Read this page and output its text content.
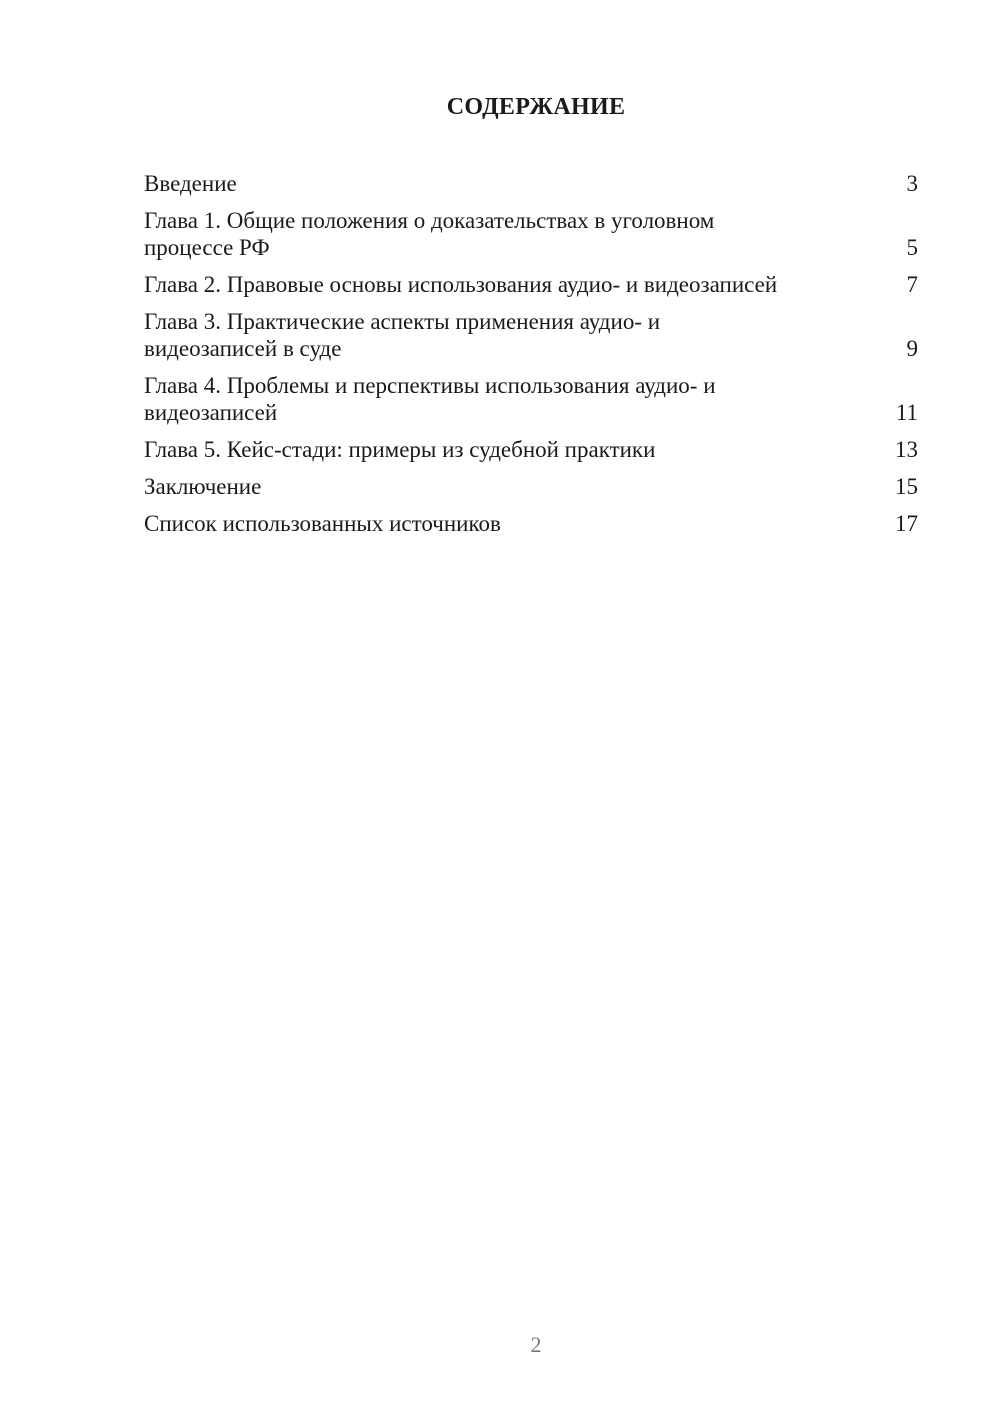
СОДЕРЖАНИЕ
Введение	3
Глава 1. Общие положения о доказательствах в уголовном процессе РФ	5
Глава 2. Правовые основы использования аудио- и видеозаписей	7
Глава 3. Практические аспекты применения аудио- и видеозаписей в суде	9
Глава 4. Проблемы и перспективы использования аудио- и видеозаписей	11
Глава 5. Кейс-стади: примеры из судебной практики	13
Заключение	15
Список использованных источников	17
2
